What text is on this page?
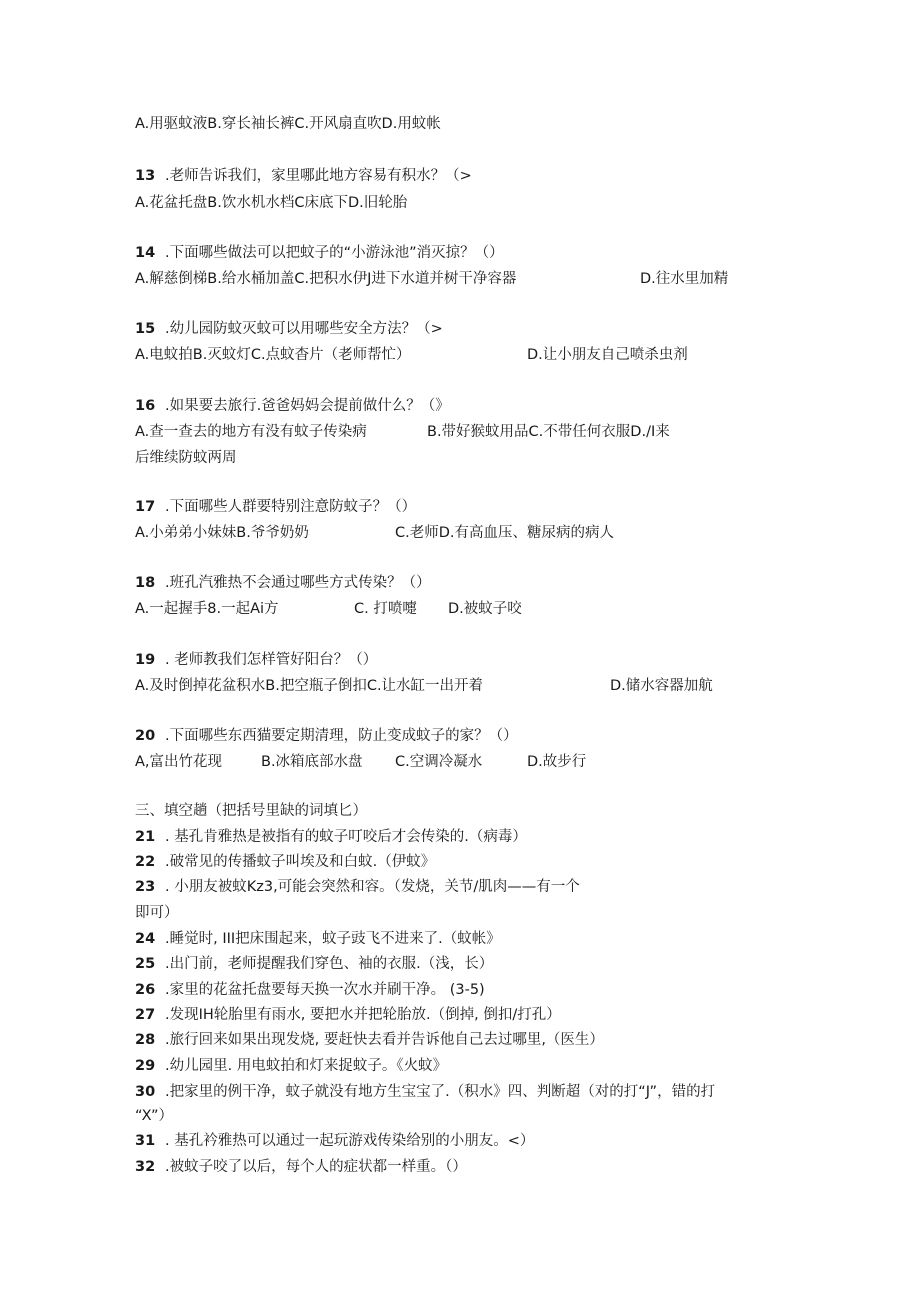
A.用驱蚊液B.穿长袖长裤C.开风扇直吹D.用蚊帐
13 .老师告诉我们，家里哪此地方容易有积水？（>
A.花盆托盘B.饮水机水档C床底下D.旧轮胎
14 .下面哪些做法可以把蚊子的“小游泳池”消灭掠？（）
A.解慈倒梯B.给水桶加盖C.把积水伊J进下水道并树干净容器	D.往水里加精
15 .幼儿园防蚊灭蚊可以用哪些安全方法？（>
A.电蚊拍B.灭蚊灯C.点蚊杳片（老师帮忙）	D.让小朋友自己喷杀虫剂
16 .如果要去旅行.爸爸妈妈会提前做什么？（》
A.查一查去的地方有没有蚊子传染病	B.带好猴蚊用品C.不带任何衣服D./I来
后维续防蚊两周
17 .下面哪些人群要特别注意防蚊子？（）
A.小弟弟小妹妹B.爷爷奶奶	C.老师D.有高血压、糖尿病的病人
18 .班孔汽雅热不会通过哪些方式传染？（）
A.一起握手8.一起Ai方	C. 打喷嚏 D.被蚊子咬
19 . 老师教我们怎样管好阳台？（）
A.及时倒掉花盆积水B.把空瓶子倒扣C.让水缸一出开着	D.储水容器加航
20 .下面哪些东西猫要定期清理，防止变成蚊子的家？（）
A,富出竹花现	B.冰箱底部水盘 C.空调冷凝水	D.故步行
三、填空趟（把括号里缺的词填匕）
21 . 基孔肯雅热是被指有的蚊子叮咬后才会传染的.（病毒）
22 .破常见的传播蚊子叫埃及和白蚊.（伊蚊》
23 . 小朋友被蚊Kz3,可能会突然和容。（发烧，关节/肌肉——有一个
即可）
24 .睡觉时, III把床围起来，蚊子豉飞不进来了.（蚊帐》
25 .出门前，老师提醒我们穿色、袖的衣服.（浅，长）
26 .家里的花盆托盘要每天换一次水并刷干净。 (3-5)
27 .发现IH轮胎里有雨水, 要把水并把轮胎放.（倒掉, 倒扣/打孔）
28 .旅行回来如果出现发烧, 要赶快去看并告诉他自己去过哪里,（医生）
29 .幼儿园里. 用电蚊拍和灯来捉蚊子。《火蚊》
30 .把家里的例干净，蚊子就没有地方生宝宝了.（积水》四、判断超（对的打“J”，错的打
“X”）
31 . 基孔衿雅热可以通过一起玩游戏传染给别的小朋友。<）
32 .被蚊子咬了以后，每个人的症状都一样重。（）
